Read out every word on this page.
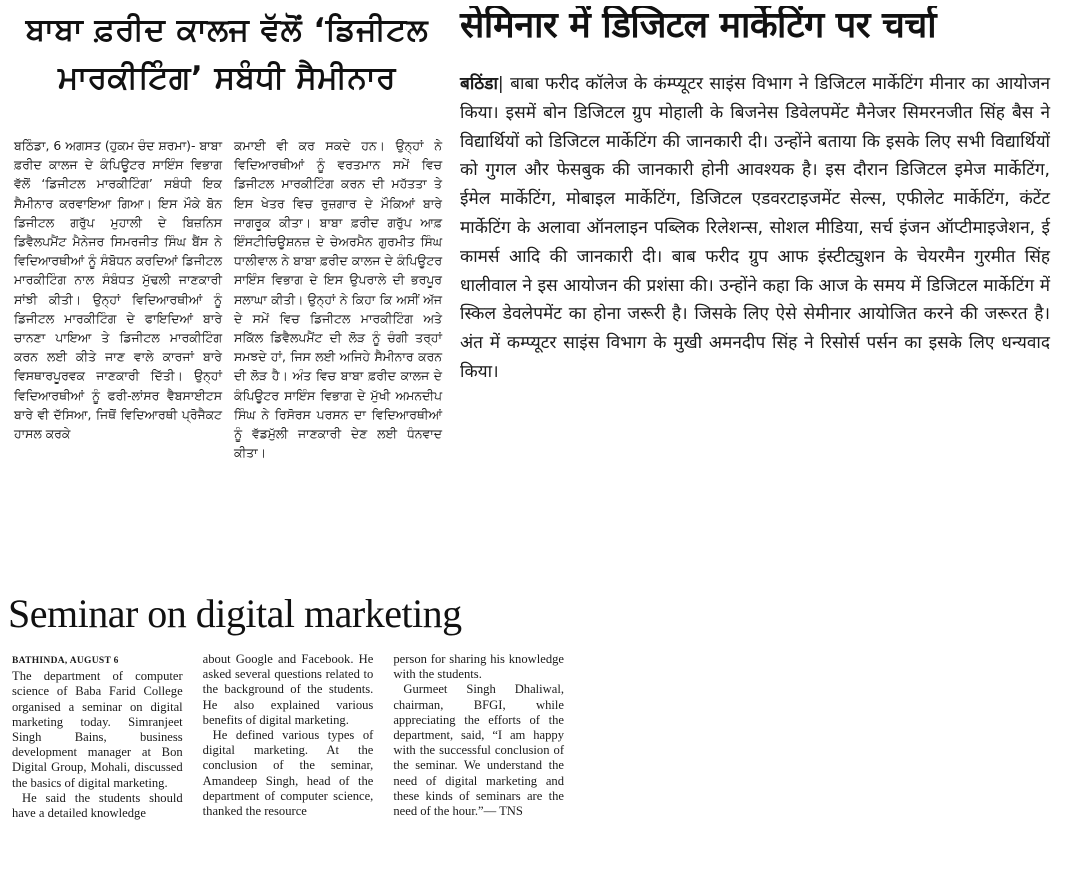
ਬਾਬਾ ਫ਼ਰੀਦ ਕਾਲਜ ਵੱਲੋਂ ‘ਡਿਜੀਟਲ ਮਾਰਕੀਟਿੰਗ’ ਸਬੰਧੀ ਸੈਮੀਨਾਰ

ਬਠਿੰਡਾ, 6 ਅਗਸਤ (ਹੁਕਮ ਚੰਦ ਸ਼ਰਮਾ)- ਬਾਬਾ ਫ਼ਰੀਦ ਕਾਲਜ ਦੇ ਕੰਪਿਊਟਰ ਸਾਇੰਸ ਵਿਭਾਗ ਵੱਲੋਂ ‘ਡਿਜੀਟਲ ਮਾਰਕੀਟਿੰਗ’ ਸਬੰਧੀ ਇਕ ਸੈਮੀਨਾਰ ਕਰਵਾਇਆ ਗਿਆ। ਇਸ ਮੌਕੇ ਬੋਨ ਡਿਜੀਟਲ ਗਰੁੱਪ ਮੁਹਾਲੀ ਦੇ ਬਿਜ਼ਨਿਸ ਡਿਵੈਲਪਮੈਂਟ ਮੈਨੇਜਰ ਸਿਮਰਜੀਤ ਸਿੰਘ ਬੈਂਸ ਨੇ ਵਿਦਿਆਰਥੀਆਂ ਨੂੰ ਸੰਬੋਧਨ ਕਰਦਿਆਂ ਡਿਜੀਟਲ ਮਾਰਕੀਟਿੰਗ ਨਾਲ ਸੰਬੰਧਤ ਮੁੱਢਲੀ ਜਾਣਕਾਰੀ ਸਾਂਝੀ ਕੀਤੀ। ਉਨ੍ਹਾਂ ਵਿਦਿਆਰਥੀਆਂ ਨੂੰ ਡਿਜੀਟਲ ਮਾਰਕੀਟਿੰਗ ਦੇ ਫਾਇਦਿਆਂ ਬਾਰੇ ਚਾਨਣਾ ਪਾਇਆ ਤੇ ਡਿਜੀਟਲ ਮਾਰਕੀਟਿੰਗ ਕਰਨ ਲਈ ਕੀਤੇ ਜਾਣ ਵਾਲੇ ਕਾਰਜਾਂ ਬਾਰੇ ਵਿਸਥਾਰਪੂਰਵਕ ਜਾਣਕਾਰੀ ਦਿੱਤੀ। ਉਨ੍ਹਾਂ ਵਿਦਿਆਰਥੀਆਂ ਨੂੰ ਫਰੀ-ਲਾਂਸਰ ਵੈਬਸਾਈਟਸ ਬਾਰੇ ਵੀ ਦੱਸਿਆ, ਜਿਥੋਂ ਵਿਦਿਆਰਥੀ ਪ੍ਰੋਜੈਕਟ ਹਾਸਲ ਕਰਕੇ

ਕਮਾਈ ਵੀ ਕਰ ਸਕਦੇ ਹਨ। ਉਨ੍ਹਾਂ ਨੇ ਵਿਦਿਆਰਥੀਆਂ ਨੂੰ ਵਰਤਮਾਨ ਸਮੇਂ ਵਿਚ ਡਿਜੀਟਲ ਮਾਰਕੀਟਿੰਗ ਕਰਨ ਦੀ ਮਹੱਤਤਾ ਤੇ ਇਸ ਖੇਤਰ ਵਿਚ ਰੁਜ਼ਗਾਰ ਦੇ ਮੌਕਿਆਂ ਬਾਰੇ ਜਾਗਰੂਕ ਕੀਤਾ। ਬਾਬਾ ਫ਼ਰੀਦ ਗਰੁੱਪ ਆਫ਼ ਇੰਸਟੀਚਿਊਸ਼ਨਜ਼ ਦੇ ਚੇਅਰਮੈਨ ਗੁਰਮੀਤ ਸਿੰਘ ਧਾਲੀਵਾਲ ਨੇ ਬਾਬਾ ਫ਼ਰੀਦ ਕਾਲਜ ਦੇ ਕੰਪਿਊਟਰ ਸਾਇੰਸ ਵਿਭਾਗ ਦੇ ਇਸ ਉਪਰਾਲੇ ਦੀ ਭਰਪੂਰ ਸਲਾਘਾ ਕੀਤੀ। ਉਨ੍ਹਾਂ ਨੇ ਕਿਹਾ ਕਿ ਅਸੀਂ ਅੱਜ ਦੇ ਸਮੇਂ ਵਿਚ ਡਿਜੀਟਲ ਮਾਰਕੀਟਿੰਗ ਅਤੇ ਸਕਿੱਲ ਡਿਵੈਲਪਮੈਂਟ ਦੀ ਲੋੜ ਨੂੰ ਚੰਗੀ ਤਰ੍ਹਾਂ ਸਮਝਦੇ ਹਾਂ, ਜਿਸ ਲਈ ਅਜਿਹੇ ਸੈਮੀਨਾਰ ਕਰਨ ਦੀ ਲੋੜ ਹੈ। ਅੰਤ ਵਿਚ ਬਾਬਾ ਫ਼ਰੀਦ ਕਾਲਜ ਦੇ ਕੰਪਿਊਟਰ ਸਾਇੰਸ ਵਿਭਾਗ ਦੇ ਮੁੱਖੀ ਅਮਨਦੀਪ ਸਿੰਘ ਨੇ ਰਿਸੋਰਸ ਪਰਸਨ ਦਾ ਵਿਦਿਆਰਥੀਆਂ ਨੂੰ ਵੱਡਮੁੱਲੀ ਜਾਣਕਾਰੀ ਦੇਣ ਲਈ ਧੰਨਵਾਦ ਕੀਤਾ।

सेमिनार में डिजिटल मार्केटिंग पर चर्चा

बठिंडा| बाबा फरीद कॉलेज के कंम्प्यूटर साइंस विभाग ने डिजिटल मार्केटिंग मीनार का आयोजन किया। इसमें बोन डिजिटल ग्रुप मोहाली के बिजनेस डिवेलपमेंट मैनेजर सिमरनजीत सिंह बैस ने विद्यार्थियों को डिजिटल मार्केटिंग की जानकारी दी। उन्होंने बताया कि इसके लिए सभी विद्यार्थियों को गुगल और फेसबुक की जानकारी होनी आवश्यक है। इस दौरान डिजिटल इमेज मार्केटिंग, ईमेल मार्केटिंग, मोबाइल मार्केटिंग, डिजिटल एडवरटाइजमेंट सेल्स, एफीलेट मार्केटिंग, कंटेंट मार्केटिंग के अलावा ऑनलाइन पब्लिक रिलेशन्स, सोशल मीडिया, सर्च इंजन ऑप्टीमाइजेशन, ई कामर्स आदि की जानकारी दी। बाब फरीद ग्रुप आफ इंस्टीट्युशन के चेयरमैन गुरमीत सिंह धालीवाल ने इस आयोजन की प्रशंसा की। उन्होंने कहा कि आज के समय में डिजिटल मार्केटिंग में स्किल डेवलेपमेंट का होना जरूरी है। जिसके लिए ऐसे सेमीनार आयोजित करने की जरूरत है। अंत में कम्प्यूटर साइंस विभाग के मुखी अमनदीप सिंह ने रिसोर्स पर्सन का इसके लिए धन्यवाद किया।

Seminar on digital marketing

BATHINDA, AUGUST 6
The department of computer science of Baba Farid College organised a seminar on digital marketing today. Simranjeet Singh Bains, business development manager at Bon Digital Group, Mohali, discussed the basics of digital marketing.

He said the students should have a detailed knowledge

about Google and Facebook. He asked several questions related to the background of the students. He also explained various benefits of digital marketing.

He defined various types of digital marketing. At the conclusion of the seminar, Amandeep Singh, head of the department of computer science, thanked the resource

person for sharing his knowledge with the students.

Gurmeet Singh Dhaliwal, chairman, BFGI, while appreciating the efforts of the department, said, “I am happy with the successful conclusion of the seminar. We understand the need of digital marketing and these kinds of seminars are the need of the hour.”— TNS
